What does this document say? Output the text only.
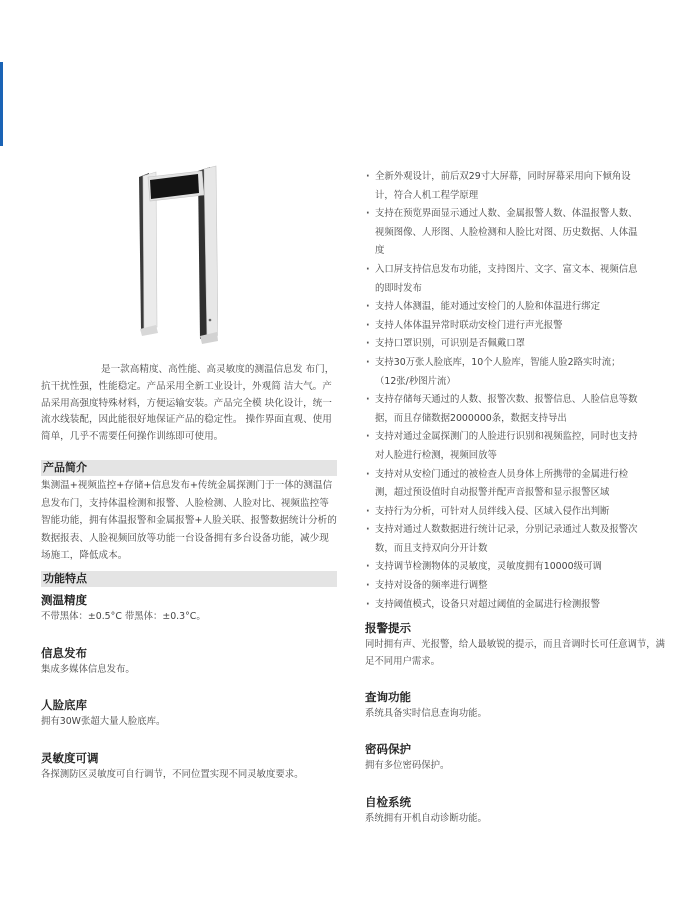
是一款高精度、高性能、高灵敏度的测温信息发 布门，抗干扰性强，性能稳定。产品采用全新工业设计，外观简 洁大气。产品采用高强度特殊材料，方便运输安装。产品完全模 块化设计，统一流水线装配，因此能很好地保证产品的稳定性。 操作界面直观、使用简单，几乎不需要任何操作训练即可使用。
产品简介
集测温+视频监控+存储+信息发布+传统金属探测门于一体的测温信息发布门，支持体温检测和报警、人脸检测、人脸对比、视频监控等智能功能，拥有体温报警和金属报警+人脸关联、报警数据统计分析的数据报表、人脸视频回放等功能一台设备拥有多台设备功能，减少现场施工，降低成本。
功能特点
测温精度
不带黑体：±0.5°C 带黑体：±0.3°C。
信息发布
集成多媒体信息发布。
人脸底库
拥有30W张超大量人脸底库。
灵敏度可调
各探测防区灵敏度可自行调节，不同位置实现不同灵敏度要求。
· 全新外观设计，前后双29寸大屏幕，同时屏幕采用向下倾角设
计，符合人机工程学原理
· 支持在预览界面显示通过人数、金属报警人数、体温报警人数、
视频图像、人形图、人脸检测和人脸比对图、历史数据、人体温
度
· 入口屏支持信息发布功能，支持图片、文字、富文本、视频信息
的即时发布
· 支持人体测温，能对通过安检门的人脸和体温进行绑定
· 支持人体体温异常时联动安检门进行声光报警
· 支持口罩识别，可识别是否佩戴口罩
· 支持30万张人脸底库，10个人脸库，智能人脸2路实时流；
（12张/秒图片流）
· 支持存储每天通过的人数、报警次数、报警信息、人脸信息等数
据，而且存储数据2000000条，数据支持导出
· 支持对通过金属探测门的人脸进行识别和视频监控，同时也支持
对人脸进行检测，视频回放等
· 支持对从安检门通过的被检查人员身体上所携带的金属进行检
测，超过预设值时自动报警并配声音报警和显示报警区域
· 支持行为分析，可针对人员绊线入侵、区域入侵作出判断
· 支持对通过人数数据进行统计记录，分别记录通过人数及报警次
数，而且支持双向分开计数
· 支持调节检测物体的灵敏度，灵敏度拥有10000级可调
· 支持对设备的频率进行调整
· 支持阈值模式，设备只对超过阈值的金属进行检测报警
报警提示
同时拥有声、光报警，给人最敏锐的提示，而且音调时长可任意调节，满足不同用户需求。
查询功能
系统具备实时信息查询功能。
密码保护
拥有多位密码保护。
自检系统
系统拥有开机自动诊断功能。
